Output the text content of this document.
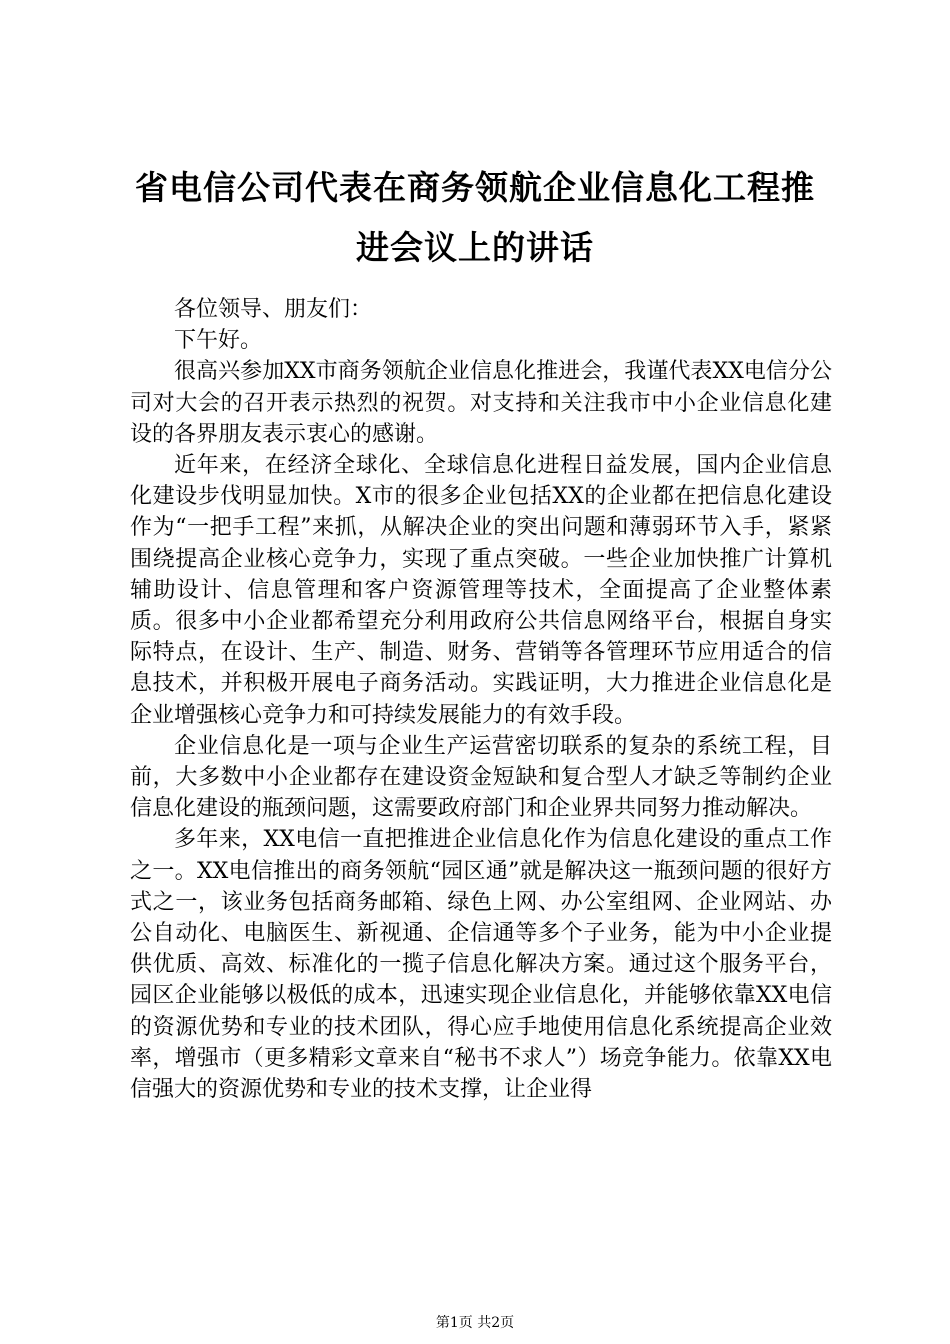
省电信公司代表在商务领航企业信息化工程推
进会议上的讲话

各位领导、朋友们：

下午好。

很高兴参加XX市商务领航企业信息化推进会，我谨代表XX电信分公司对大会的召开表示热烈的祝贺。对支持和关注我市中小企业信息化建设的各界朋友表示衷心的感谢。

近年来，在经济全球化、全球信息化进程日益发展，国内企业信息化建设步伐明显加快。X市的很多企业包括XX的企业都在把信息化建设作为“一把手工程”来抓，从解决企业的突出问题和薄弱环节入手，紧紧围绕提高企业核心竞争力，实现了重点突破。一些企业加快推广计算机辅助设计、信息管理和客户资源管理等技术，全面提高了企业整体素质。很多中小企业都希望充分利用政府公共信息网络平台，根据自身实际特点，在设计、生产、制造、财务、营销等各管理环节应用适合的信息技术，并积极开展电子商务活动。实践证明，大力推进企业信息化是企业增强核心竞争力和可持续发展能力的有效手段。

企业信息化是一项与企业生产运营密切联系的复杂的系统工程，目前，大多数中小企业都存在建设资金短缺和复合型人才缺乏等制约企业信息化建设的瓶颈问题，这需要政府部门和企业界共同努力推动解决。

多年来，XX电信一直把推进企业信息化作为信息化建设的重点工作之一。XX电信推出的商务领航“园区通”就是解决这一瓶颈问题的很好方式之一，该业务包括商务邮箱、绿色上网、办公室组网、企业网站、办公自动化、电脑医生、新视通、企信通等多个子业务，能为中小企业提供优质、高效、标准化的一揽子信息化解决方案。通过这个服务平台，园区企业能够以极低的成本，迅速实现企业信息化，并能够依靠XX电信的资源优势和专业的技术团队，得心应手地使用信息化系统提高企业效率，增强市（更多精彩文章来自“秘书不求人”）场竞争能力。依靠XX电信强大的资源优势和专业的技术支撑，让企业得

第1页 共2页
